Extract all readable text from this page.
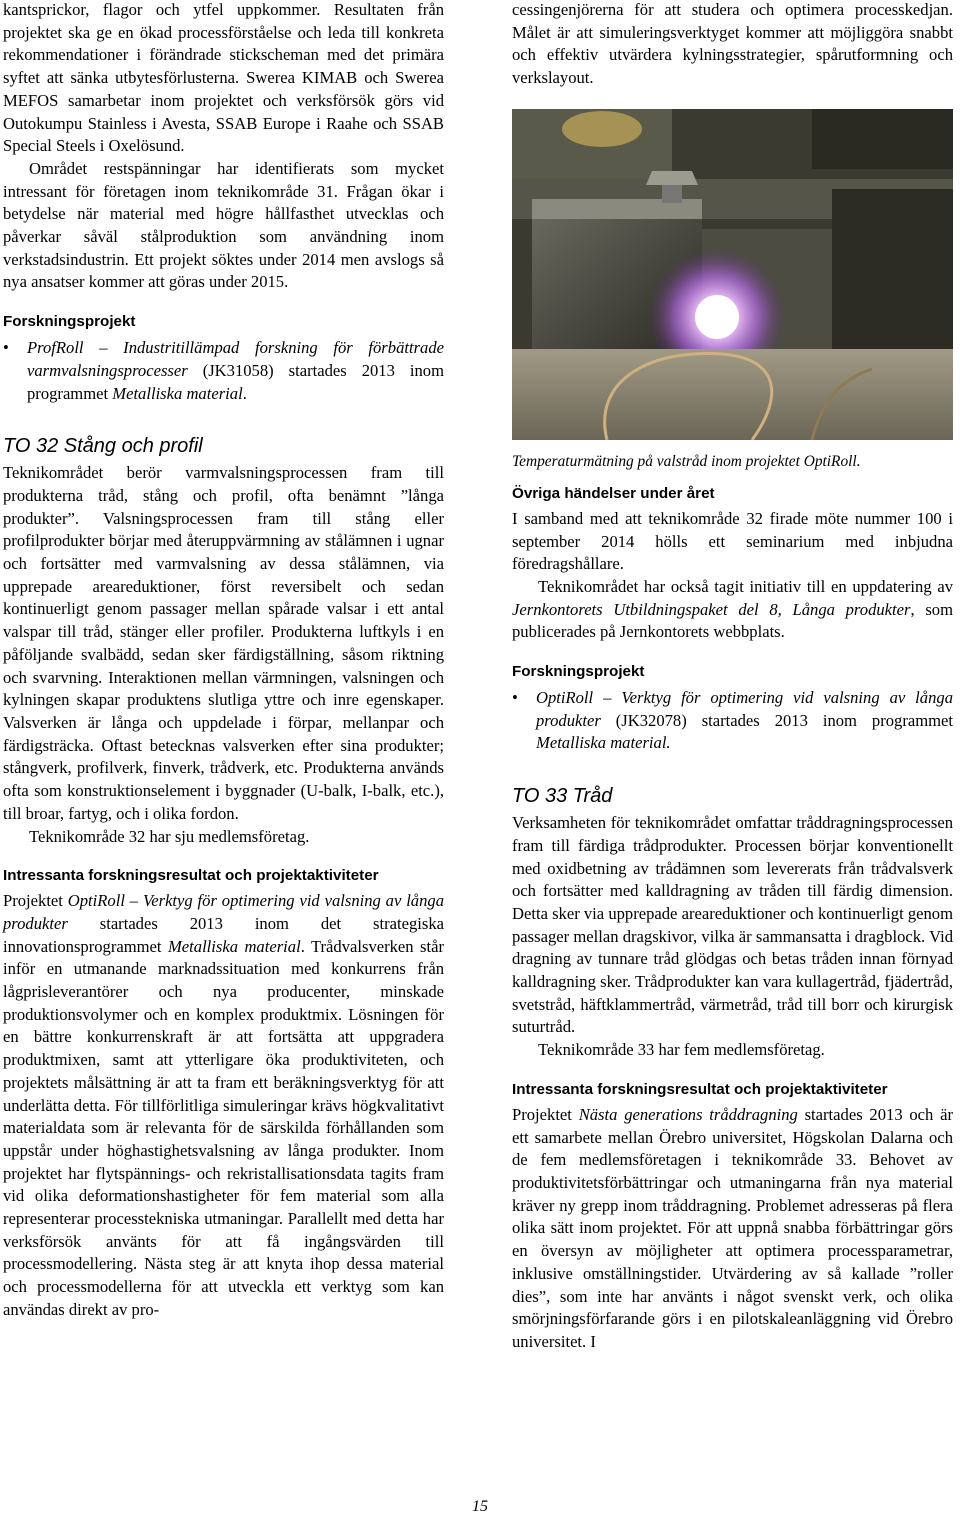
kantsprickor, flagor och ytfel uppkommer. Resultaten från projektet ska ge en ökad processförståelse och leda till konkreta rekommendationer i förändrade stickscheman med det primära syftet att sänka utbytesförlusterna. Swerea KIMAB och Swerea MEFOS samarbetar inom projektet och verksförsök görs vid Outokumpu Stainless i Avesta, SSAB Europe i Raahe och SSAB Special Steels i Oxelösund.

Området restspänningar har identifierats som mycket intressant för företagen inom teknikområde 31. Frågan ökar i betydelse när material med högre hållfasthet utvecklas och påverkar såväl stålproduktion som användning inom verkstadsindustrin. Ett projekt söktes under 2014 men avslogs så nya ansatser kommer att göras under 2015.

Forskningsprojekt
•	ProfRoll – Industritillämpad forskning för förbättrade varmvalsningsprocesser (JK31058) startades 2013 inom programmet Metalliska material.
TO 32 Stång och profil

Teknikområdet berör varmvalsningsprocessen fram till produkterna tråd, stång och profil, ofta benämnt ”långa produkter”. Valsningsprocessen fram till stång eller profilprodukter börjar med återuppvärmning av stålämnen i ugnar och fortsätter med varmvalsning av dessa stålämnen, via upprepade areareduktioner, först reversibelt och sedan kontinuerligt genom passager mellan spårade valsar i ett antal valspar till tråd, stänger eller profiler. Produkterna luftkyls i en påföljande svalbädd, sedan sker färdigställning, såsom riktning och svarvning. Interaktionen mellan värmningen, valsningen och kylningen skapar produktens slutliga yttre och inre egenskaper. Valsverken är långa och uppdelade i förpar, mellanpar och färdigsträcka. Oftast betecknas valsverken efter sina produkter; stångverk, profilverk, finverk, trådverk, etc. Produkterna används ofta som konstruktionselement i byggnader (U-balk, I-balk, etc.), till broar, fartyg, och i olika fordon.

Teknikområde 32 har sju medlemsföretag.

Intressanta forskningsresultat och projektaktiviteter

Projektet OptiRoll – Verktyg för optimering vid valsning av långa produkter startades 2013 inom det strategiska innovationsprogrammet Metalliska material. Trådvalsverken står inför en utmanande marknadssituation med konkurrens från lågprisleverantörer och nya producenter, minskade produktionsvolymer och en komplex produktmix. Lösningen för en bättre konkurrenskraft är att fortsätta att uppgradera produktmixen, samt att ytterligare öka produktiviteten, och projektets målsättning är att ta fram ett beräkningsverktyg för att underlätta detta. För tillförlitliga simuleringar krävs högkvalitativt materialdata som är relevanta för de särskilda förhållanden som uppstår under höghastighetsvalsning av långa produkter. Inom projektet har flytspännings- och rekristallisationsdata tagits fram vid olika deformationshastigheter för fem material som alla representerar processtekniska utmaningar. Parallellt med detta har verksförsök använts för att få ingångsvärden till processmodellering. Nästa steg är att knyta ihop dessa material och processmodellerna för att utveckla ett verktyg som kan användas direkt av pro-

cessingenjörerna för att studera och optimera processkedjan. Målet är att simuleringsverktyget kommer att möjliggöra snabbt och effektiv utvärdera kylningsstrategier, spårutformning och verkslayout.

Temperaturmätning på valstråd inom projektet OptiRoll.

Övriga händelser under året

I samband med att teknikområde 32 firade möte nummer 100 i september 2014 hölls ett seminarium med inbjudna föredragshållare.

Teknikområdet har också tagit initiativ till en uppdatering av Jernkontorets Utbildningspaket del 8, Långa produkter, som publicerades på Jernkontorets webbplats.

Forskningsprojekt
•	OptiRoll – Verktyg för optimering vid valsning av långa produkter (JK32078) startades 2013 inom programmet Metalliska material.
TO 33 Tråd

Verksamheten för teknikområdet omfattar tråddragningsprocessen fram till färdiga trådprodukter. Processen börjar konventionellt med oxidbetning av trådämnen som levererats från trådvalsverk och fortsätter med kalldragning av tråden till färdig dimension. Detta sker via upprepade areareduktioner och kontinuerligt genom passager mellan dragskivor, vilka är sammansatta i dragblock. Vid dragning av tunnare tråd glödgas och betas tråden innan förnyad kalldragning sker. Trådprodukter kan vara kullagertråd, fjädertråd, svetstråd, häftklammertråd, värmetråd, tråd till borr och kirurgisk suturtråd.

Teknikområde 33 har fem medlemsföretag.

Intressanta forskningsresultat och projektaktiviteter

Projektet Nästa generations tråddragning startades 2013 och är ett samarbete mellan Örebro universitet, Högskolan Dalarna och de fem medlemsföretagen i teknikområde 33. Behovet av produktivitetsförbättringar och utmaningarna från nya material kräver ny grepp inom tråddragning. Problemet adresseras på flera olika sätt inom projektet. För att uppnå snabba förbättringar görs en översyn av möjligheter att optimera processparametrar, inklusive omställningstider. Utvärdering av så kallade ”roller dies”, som inte har använts i något svenskt verk, och olika smörjningsförfarande görs i en pilotskaleanläggning vid Örebro universitet. I

15
